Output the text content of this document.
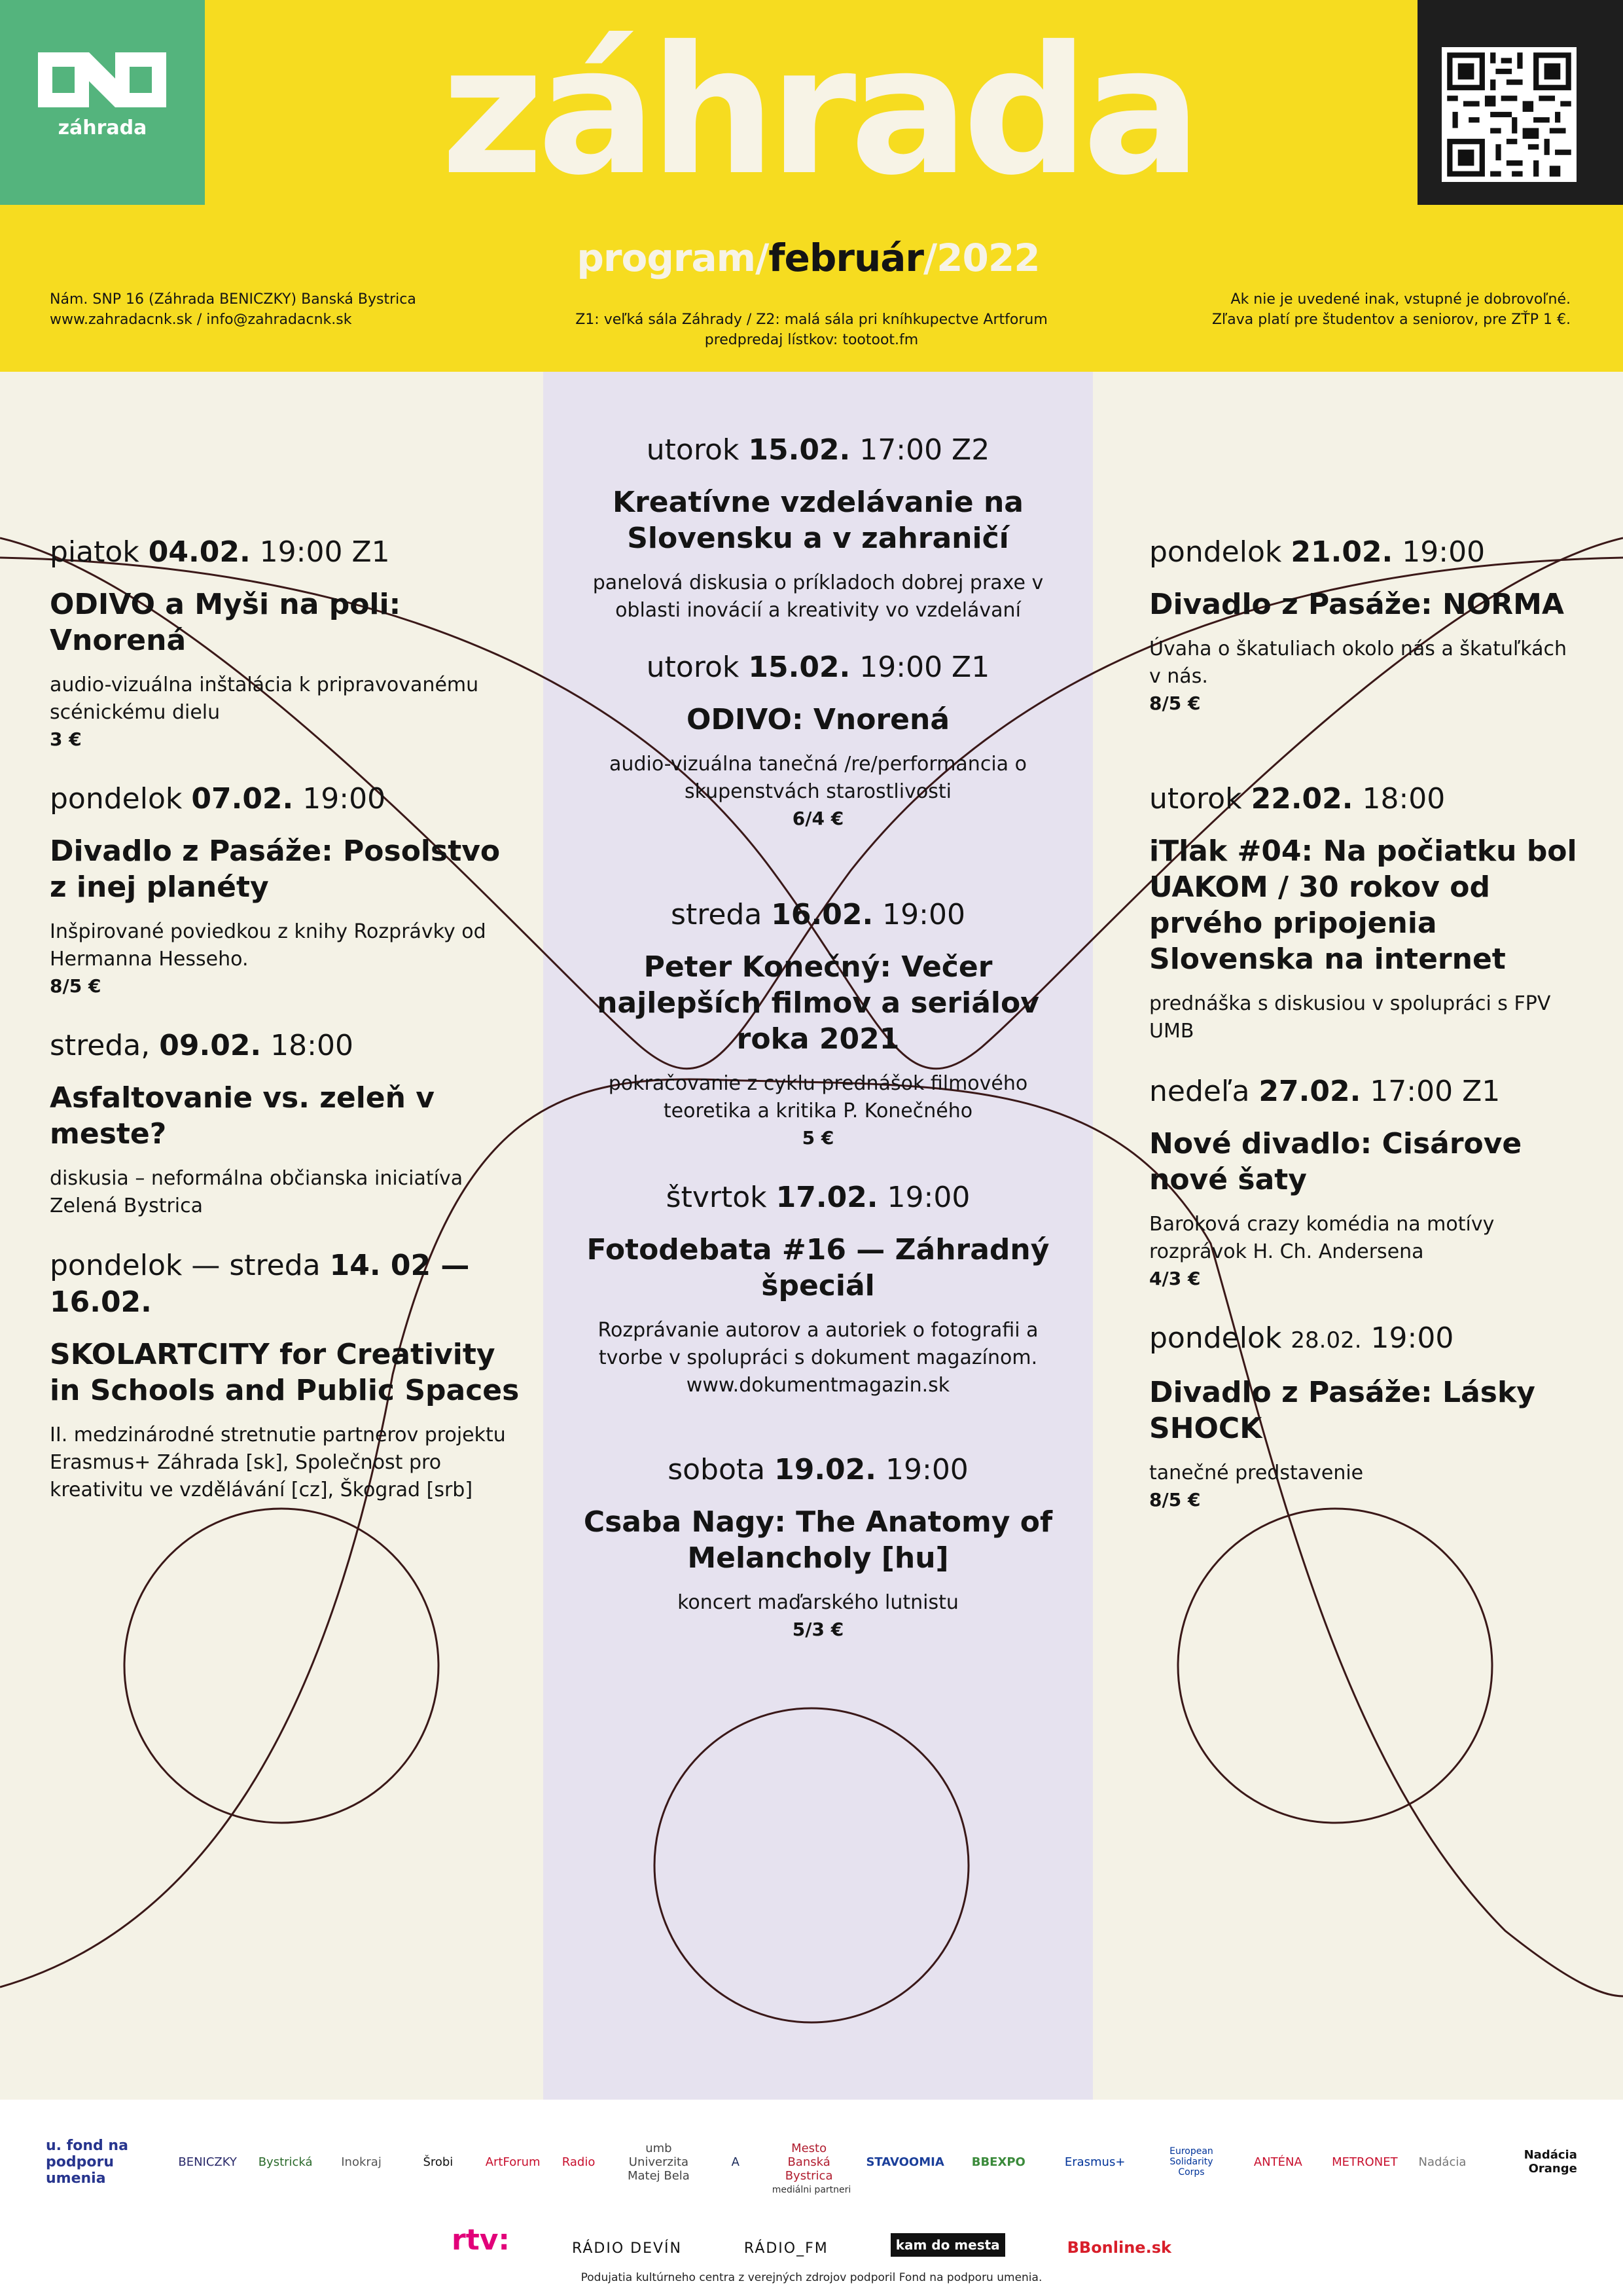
záhrada	záhrada
program/február/2022
Nám. SNP 16 (Záhrada BENICZKY) Banská Bystrica
www.zahradacnk.sk / info@zahradacnk.sk	Z1: veľká sála Záhrady / Z2: malá sála pri kníhkupectve Artforum
predpredaj lístkov: tootoot.fm
Ak nie je uvedené inak, vstupné je dobrovoľné.
Zľava platí pre študentov a seniorov, pre ZŤP 1 €.
piatok 04.02. 19:00 Z1
ODIVO a Myši na poli: Vnorená
audio-vizuálna inštalácia k pripravovanému scénickému dielu
3 €
pondelok 07.02. 19:00
Divadlo z Pasáže: Posolstvo z inej planéty
Inšpirované poviedkou z knihy Rozprávky od Hermanna Hesseho.
8/5 €
streda, 09.02. 18:00
Asfaltovanie vs. zeleň v meste?
diskusia – neformálna občianska iniciatíva Zelená Bystrica
pondelok — streda 14. 02 — 16.02.
SKOLARTCITY for Creativity in Schools and Public Spaces
II. medzinárodné stretnutie partnerov projektu Erasmus+ Záhrada [sk], Společnost pro kreativitu ve vzdělávání [cz], Škograd [srb]
utorok 15.02. 17:00 Z2
Kreatívne vzdelávanie na Slovensku a v zahraničí
panelová diskusia o príkladoch dobrej praxe v oblasti inovácií a kreativity vo vzdelávaní
utorok 15.02. 19:00 Z1
ODIVO: Vnorená
audio-vizuálna tanečná /re/performancia o skupenstvách starostlivosti
6/4 €
streda 16.02. 19:00
Peter Konečný: Večer najlepších filmov a seriálov roka 2021
pokračovanie z cyklu prednášok filmového teoretika a kritika P. Konečného
5 €
štvrtok 17.02. 19:00
Fotodebata #16 — Záhradný špeciál
Rozprávanie autorov a autoriek o fotografii a tvorbe v spolupráci s dokument magazínom. www.dokumentmagazin.sk
sobota 19.02. 19:00
Csaba Nagy: The Anatomy of Melancholy [hu]
koncert maďarského lutnistu
5/3 €
pondelok 21.02. 19:00
Divadlo z Pasáže: NORMA
Úvaha o škatuliach okolo nás a škatuľkách v nás.
8/5 €
utorok 22.02. 18:00
iTlak #04: Na počiatku bol UAKOM / 30 rokov od prvého pripojenia Slovenska na internet
prednáška s diskusiou v spolupráci s FPV UMB
nedeľa 27.02. 17:00 Z1
Nové divadlo: Cisárove nové šaty
Baroková crazy komédia na motívy rozprávok H. Ch. Andersena
4/3 €
pondelok 28.02. 19:00
Divadlo z Pasáže: Lásky SHOCK
tanečné predstavenie
8/5 €
u. fond na podporu umenia
BENICZKY Bystrická	Inokraj	Šrobi	ArtForum Radio
umb Univerzita Matej Bela
A
Mesto Banská Bystrica
STAVOOMIA	BBEXPO	Erasmus+
European Solidarity Corps
ANTÉNA	METRONET Nadácia	Nadácia Orange
mediálni partneri
rtv:	RÁDIO DEVÍN	RÁDIO_FM	kam do mesta	BBonline.sk
Podujatia kultúrneho centra z verejných zdrojov podporil Fond na podporu umenia.
